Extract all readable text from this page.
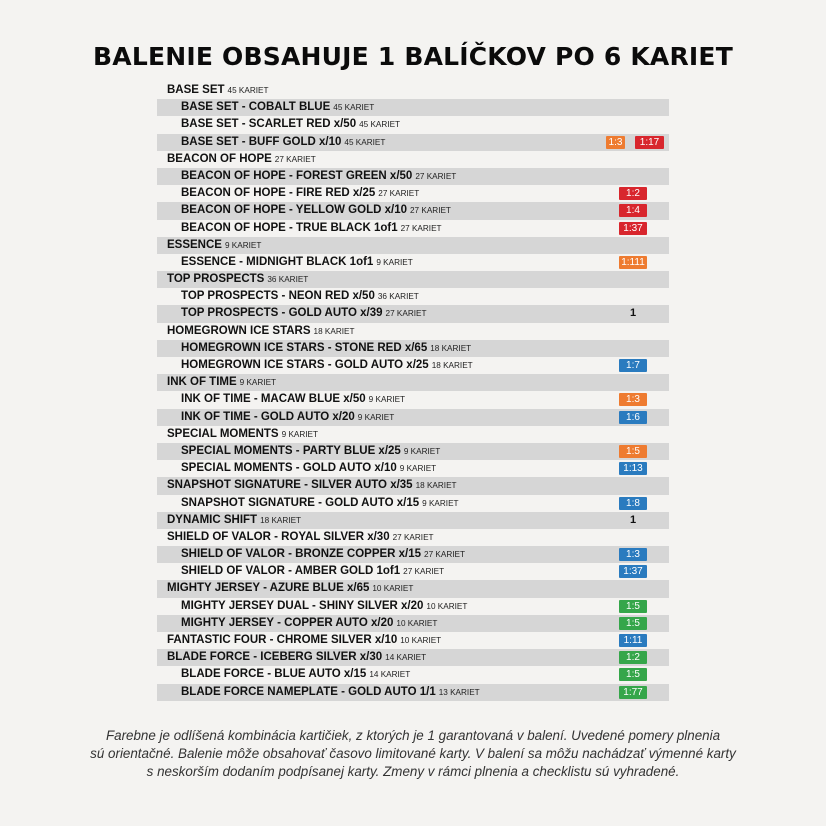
BALENIE OBSAHUJE 1 BALÍČKOV PO 6 KARIET
BASE SET 45 KARIET
BASE SET - COBALT BLUE 45 KARIET
BASE SET - SCARLET RED x/50 45 KARIET
BASE SET - BUFF GOLD x/10 45 KARIET	1:3	1:17
BEACON OF HOPE 27 KARIET
BEACON OF HOPE - FOREST GREEN x/50 27 KARIET
BEACON OF HOPE - FIRE RED x/25 27 KARIET	1:2
BEACON OF HOPE - YELLOW GOLD x/10 27 KARIET	1:4
BEACON OF HOPE - TRUE BLACK 1of1 27 KARIET	1:37
ESSENCE 9 KARIET
ESSENCE - MIDNIGHT BLACK 1of1 9 KARIET	1:111
TOP PROSPECTS 36 KARIET
TOP PROSPECTS - NEON RED x/50 36 KARIET
TOP PROSPECTS - GOLD AUTO x/39 27 KARIET	1
HOMEGROWN ICE STARS 18 KARIET
HOMEGROWN ICE STARS - STONE RED x/65 18 KARIET
HOMEGROWN ICE STARS - GOLD AUTO x/25 18 KARIET	1:7
INK OF TIME 9 KARIET
INK OF TIME - MACAW BLUE x/50 9 KARIET	1:3
INK OF TIME - GOLD AUTO x/20 9 KARIET	1:6
SPECIAL MOMENTS 9 KARIET
SPECIAL MOMENTS - PARTY BLUE x/25 9 KARIET	1:5
SPECIAL MOMENTS - GOLD AUTO x/10 9 KARIET	1:13
SNAPSHOT SIGNATURE - SILVER AUTO x/35 18 KARIET
SNAPSHOT SIGNATURE - GOLD AUTO x/15 9 KARIET	1:8
DYNAMIC SHIFT 18 KARIET	1
SHIELD OF VALOR - ROYAL SILVER x/30 27 KARIET
SHIELD OF VALOR - BRONZE COPPER x/15 27 KARIET	1:3
SHIELD OF VALOR - AMBER GOLD 1of1 27 KARIET	1:37
MIGHTY JERSEY - AZURE BLUE x/65 10 KARIET
MIGHTY JERSEY DUAL - SHINY SILVER x/20 10 KARIET	1:5
MIGHTY JERSEY - COPPER AUTO x/20 10 KARIET	1:5
FANTASTIC FOUR - CHROME SILVER x/10 10 KARIET	1:11
BLADE FORCE - ICEBERG SILVER x/30 14 KARIET	1:2
BLADE FORCE - BLUE AUTO x/15 14 KARIET	1:5
BLADE FORCE NAMEPLATE - GOLD AUTO 1/1 13 KARIET	1:77
Farebne je odlíšená kombinácia kartičiek, z ktorých je 1 garantovaná v balení. Uvedené pomery plnenia
sú orientačné. Balenie môže obsahovať časovo limitované karty. V balení sa môžu nachádzať výmenné karty
s neskorším dodaním podpísanej karty. Zmeny v rámci plnenia a checklistu sú vyhradené.
